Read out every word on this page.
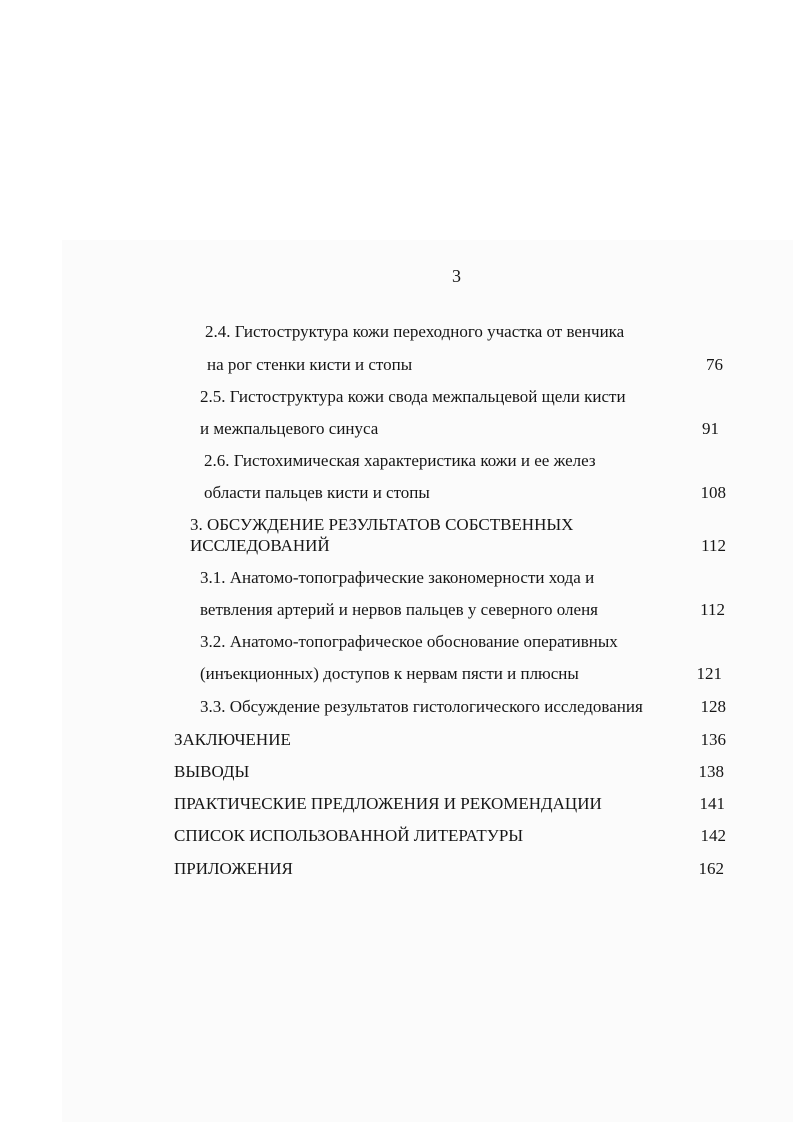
3
2.4. Гистоструктура кожи переходного участка от венчика
на рог стенки кисти и стопы	76
2.5. Гистоструктура кожи свода межпальцевой щели кисти
и межпальцевого синуса	91
2.6. Гистохимическая характеристика кожи и ее желез
области пальцев кисти и стопы	108
3. ОБСУЖДЕНИЕ РЕЗУЛЬТАТОВ СОБСТВЕННЫХ
ИССЛЕДОВАНИЙ	112
3.1. Анатомо-топографические закономерности хода и
ветвления артерий и нервов пальцев у северного оленя	112
3.2. Анатомо-топографическое обоснование оперативных
(инъекционных) доступов к нервам пясти и плюсны	121
3.3. Обсуждение результатов гистологического исследования	128
ЗАКЛЮЧЕНИЕ	136
ВЫВОДЫ	138
ПРАКТИЧЕСКИЕ ПРЕДЛОЖЕНИЯ И РЕКОМЕНДАЦИИ	141
СПИСОК ИСПОЛЬЗОВАННОЙ ЛИТЕРАТУРЫ	142
ПРИЛОЖЕНИЯ	162
